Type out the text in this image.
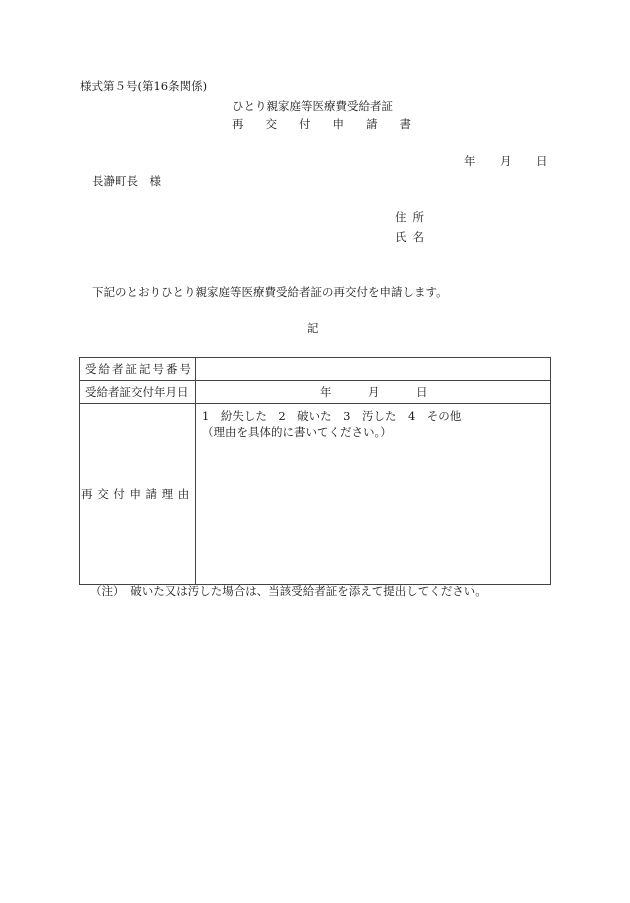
様式第５号(第16条関係)
ひとり親家庭等医療費受給者証
再交付申請書
年 月 日
長瀞町長　様
住所
氏名
下記のとおりひとり親家庭等医療費受給者証の再交付を申請します。
記
受給者証記号番号	
受給者証交付年月日	年 月 日
再交付申請理由	1　紛失した　2　破いた　3　汚した　4　その他
（理由を具体的に書いてください。）
（注）　破いた又は汚した場合は、当該受給者証を添えて提出してください。
